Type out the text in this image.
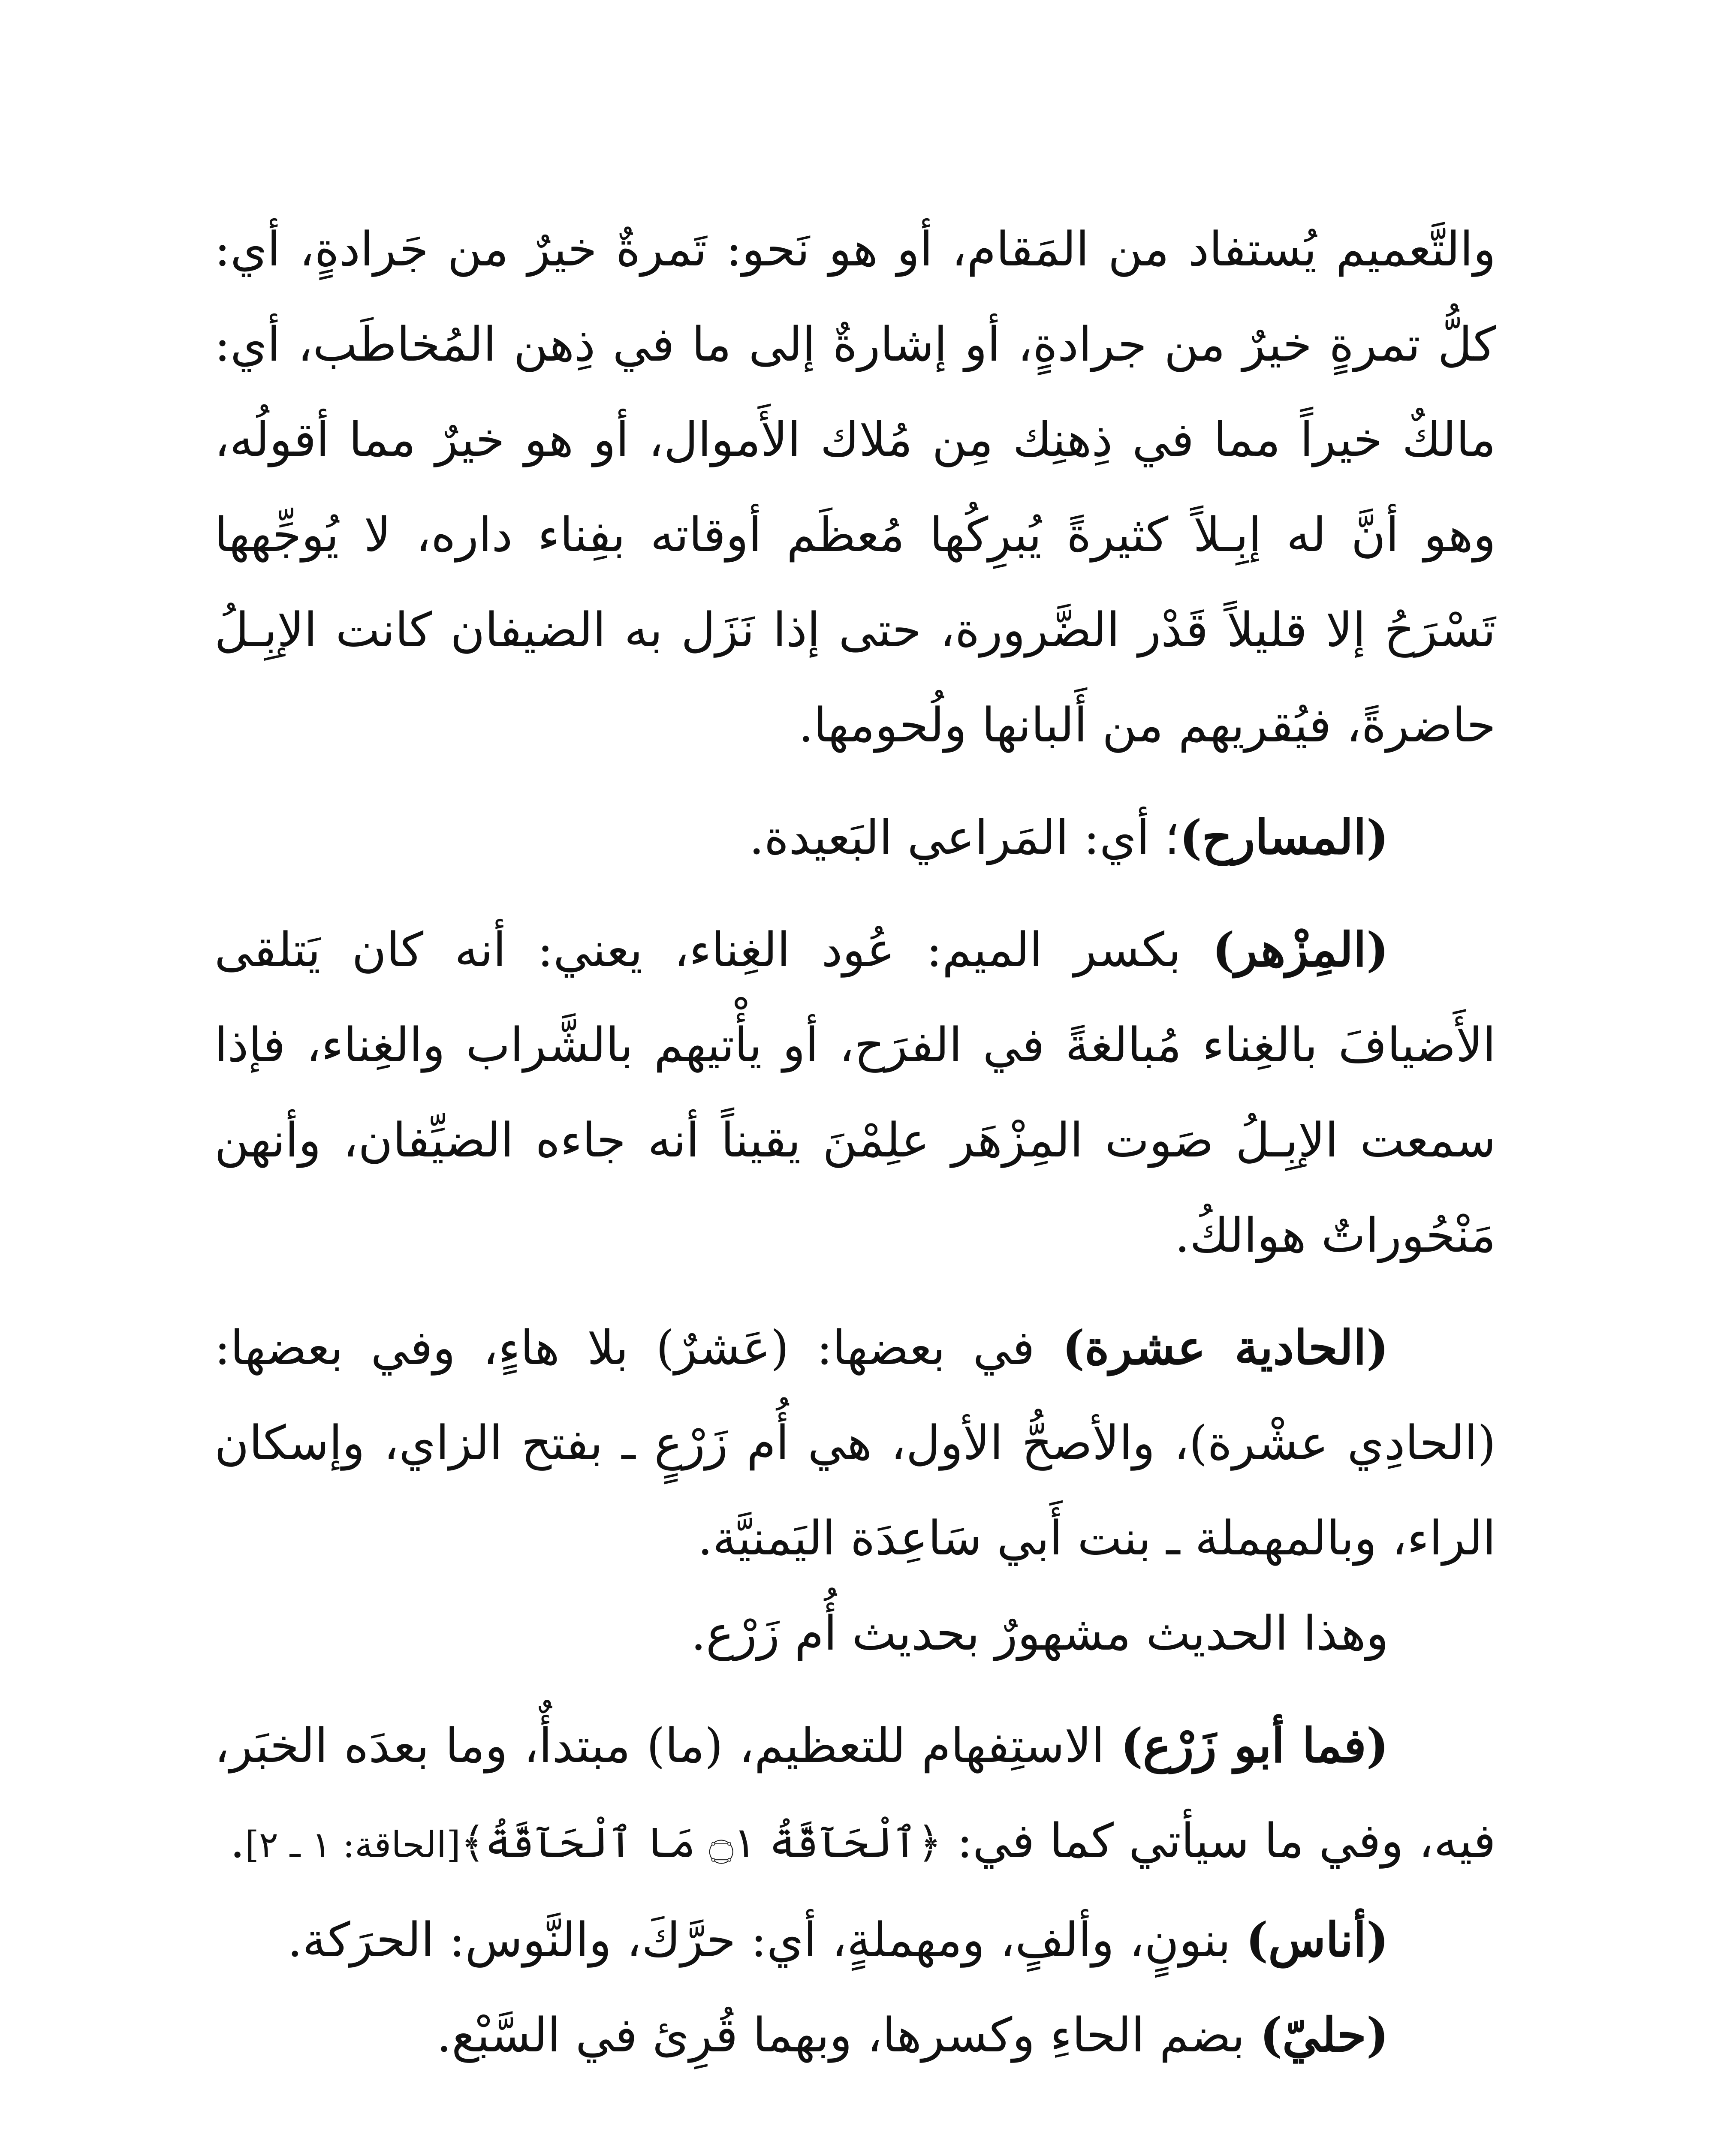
والتَّعميم يُستفاد من المَقام، أو هو نَحو: تَمرةٌ خيرٌ من جَرادةٍ، أي: كلُّ تمرةٍ خيرٌ من جرادةٍ، أو إشارةٌ إلى ما في ذِهن المُخاطَب، أي: مالكٌ خيراً مما في ذِهنِك مِن مُلاك الأَموال، أو هو خيرٌ مما أقولُه، وهو أنَّ له إبِـلاً كثيرةً يُبرِكُها مُعظَم أوقاته بفِناء داره، لا يُوجِّهها تَسْرَحُ إلا قليلاً قَدْر الضَّرورة، حتى إذا نَزَل به الضيفان كانت الإبِـلُ حاضرةً، فيُقريهم من أَلبانها ولُحومها.

(المسارح)؛ أي: المَراعي البَعيدة.

(المِزْهر) بكسر الميم: عُود الغِناء، يعني: أنه كان يَتلقى الأَضيافَ بالغِناء مُبالغةً في الفرَح، أو يأْتيهم بالشَّراب والغِناء، فإذا سمعت الإبِـلُ صَوت المِزْهَر علِمْنَ يقيناً أنه جاءه الضيِّفان، وأنهن مَنْحُوراتٌ هوالكُ.

(الحادية عشرة) في بعضها: (عَشرٌ) بلا هاءٍ، وفي بعضها: (الحادِي عشْرة)، والأصحُّ الأول، هي أُم زَرْعٍ ـ بفتح الزاي، وإسكان الراء، وبالمهملة ـ بنت أَبي سَاعِدَة اليَمنيَّة.

وهذا الحديث مشهورٌ بحديث أُم زَرْع.

(فما أبو زَرْع) الاستِفهام للتعظيم، (ما) مبتدأٌ، وما بعدَه الخبَر، فيه، وفي ما سيأتي كما في: ﴿ٱلْحَآقَّةُ ۝١ مَا ٱلْحَآقَّةُ﴾[الحاقة: ١ ـ ٢].

(أناس) بنونٍ، وألفٍ، ومهملةٍ، أي: حرَّكَ، والنَّوس: الحرَكة.

(حليّ) بضم الحاءِ وكسرها، وبهما قُرِئ في السَّبْع.
